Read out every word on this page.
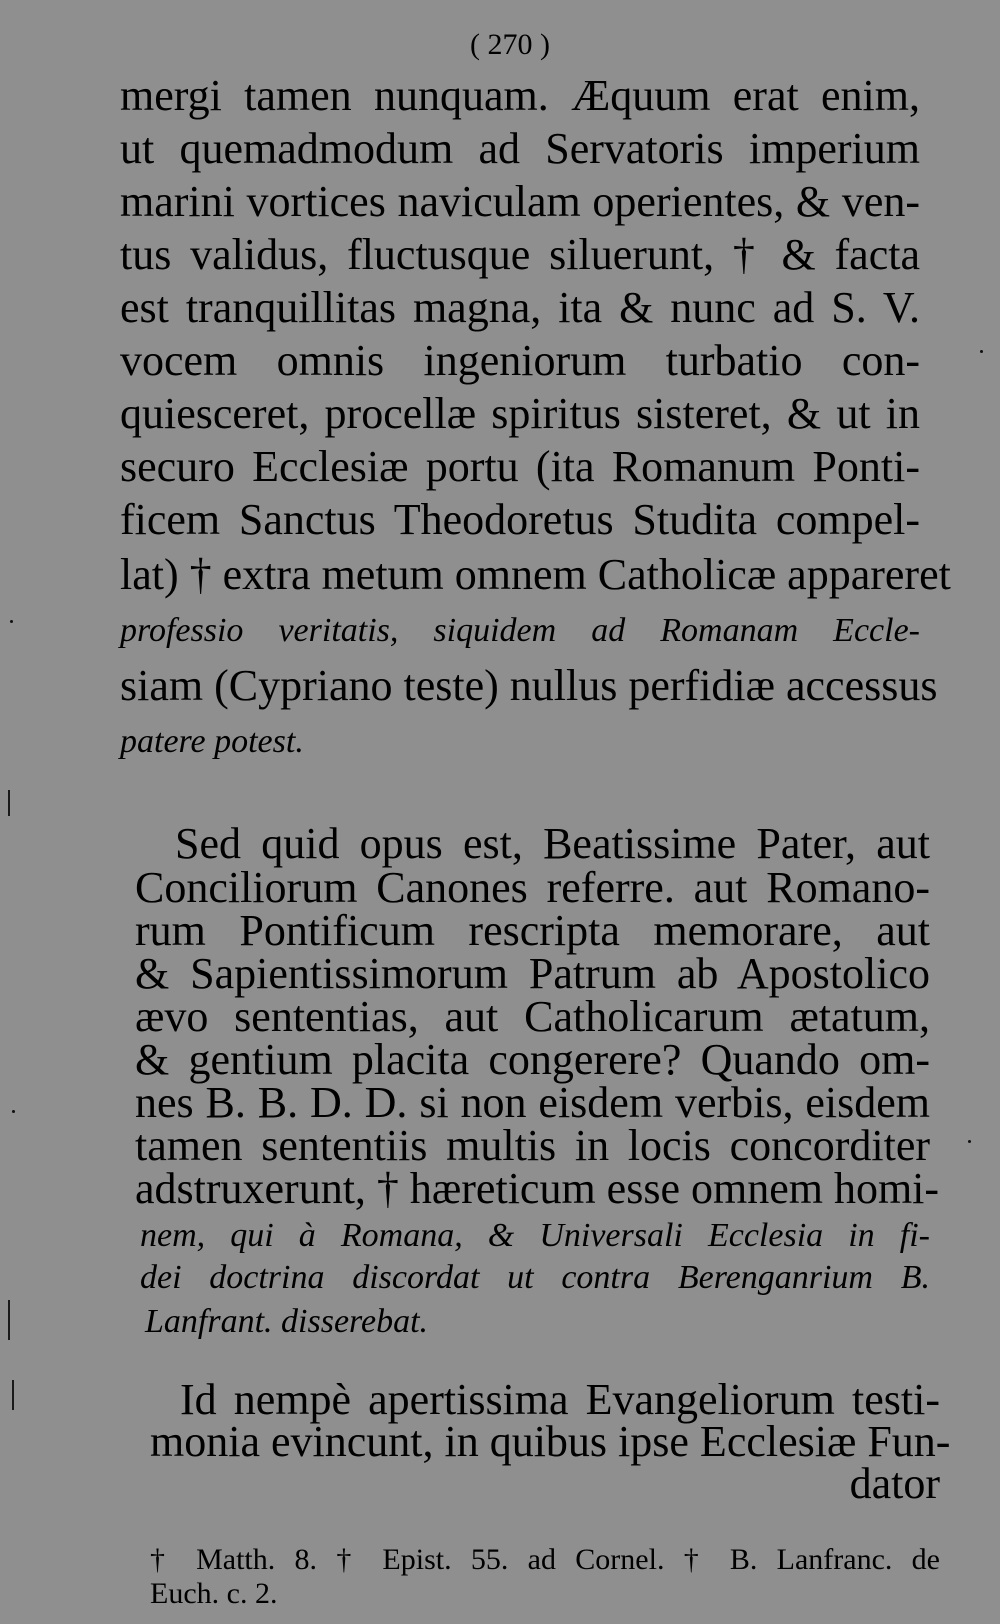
( 270 )
mergi tamen nunquam. Æquum erat enim,
ut quemadmodum ad Servatoris imperium
marini vortices naviculam operientes, & ven-
tus validus, fluctusque siluerunt, † & facta
est tranquillitas magna, ita & nunc ad S. V.
vocem omnis ingeniorum turbatio con-
quiesceret, procellæ spiritus sisteret, & ut in
securo Ecclesiæ portu (ita Romanum Ponti-
ficem Sanctus Theodoretus Studita compel-
lat) † extra metum omnem Catholicæ appareret
professio veritatis, siquidem ad Romanam Eccle-
siam (Cypriano teste) nullus perfidiæ accessus
patere potest.
Sed quid opus est, Beatissime Pater, aut
Conciliorum Canones referre. aut Romano-
rum Pontificum rescripta memorare, aut
& Sapientissimorum Patrum ab Apostolico
ævo sententias, aut Catholicarum ætatum,
& gentium placita congerere? Quando om-
nes B. B. D. D. si non eisdem verbis, eisdem
tamen sententiis multis in locis concorditer
adstruxerunt, † hæreticum esse omnem homi-
nem, qui à Romana, & Universali Ecclesia in fi-
dei doctrina discordat ut contra Berenganrium B.
Lanfrant. disserebat.
Id nempè apertissima Evangeliorum testi-
monia evincunt, in quibus ipse Ecclesiæ Fun-
dator
† Matth. 8. † Epist. 55. ad Cornel. † B. Lanfranc. de
Euch. c. 2.
